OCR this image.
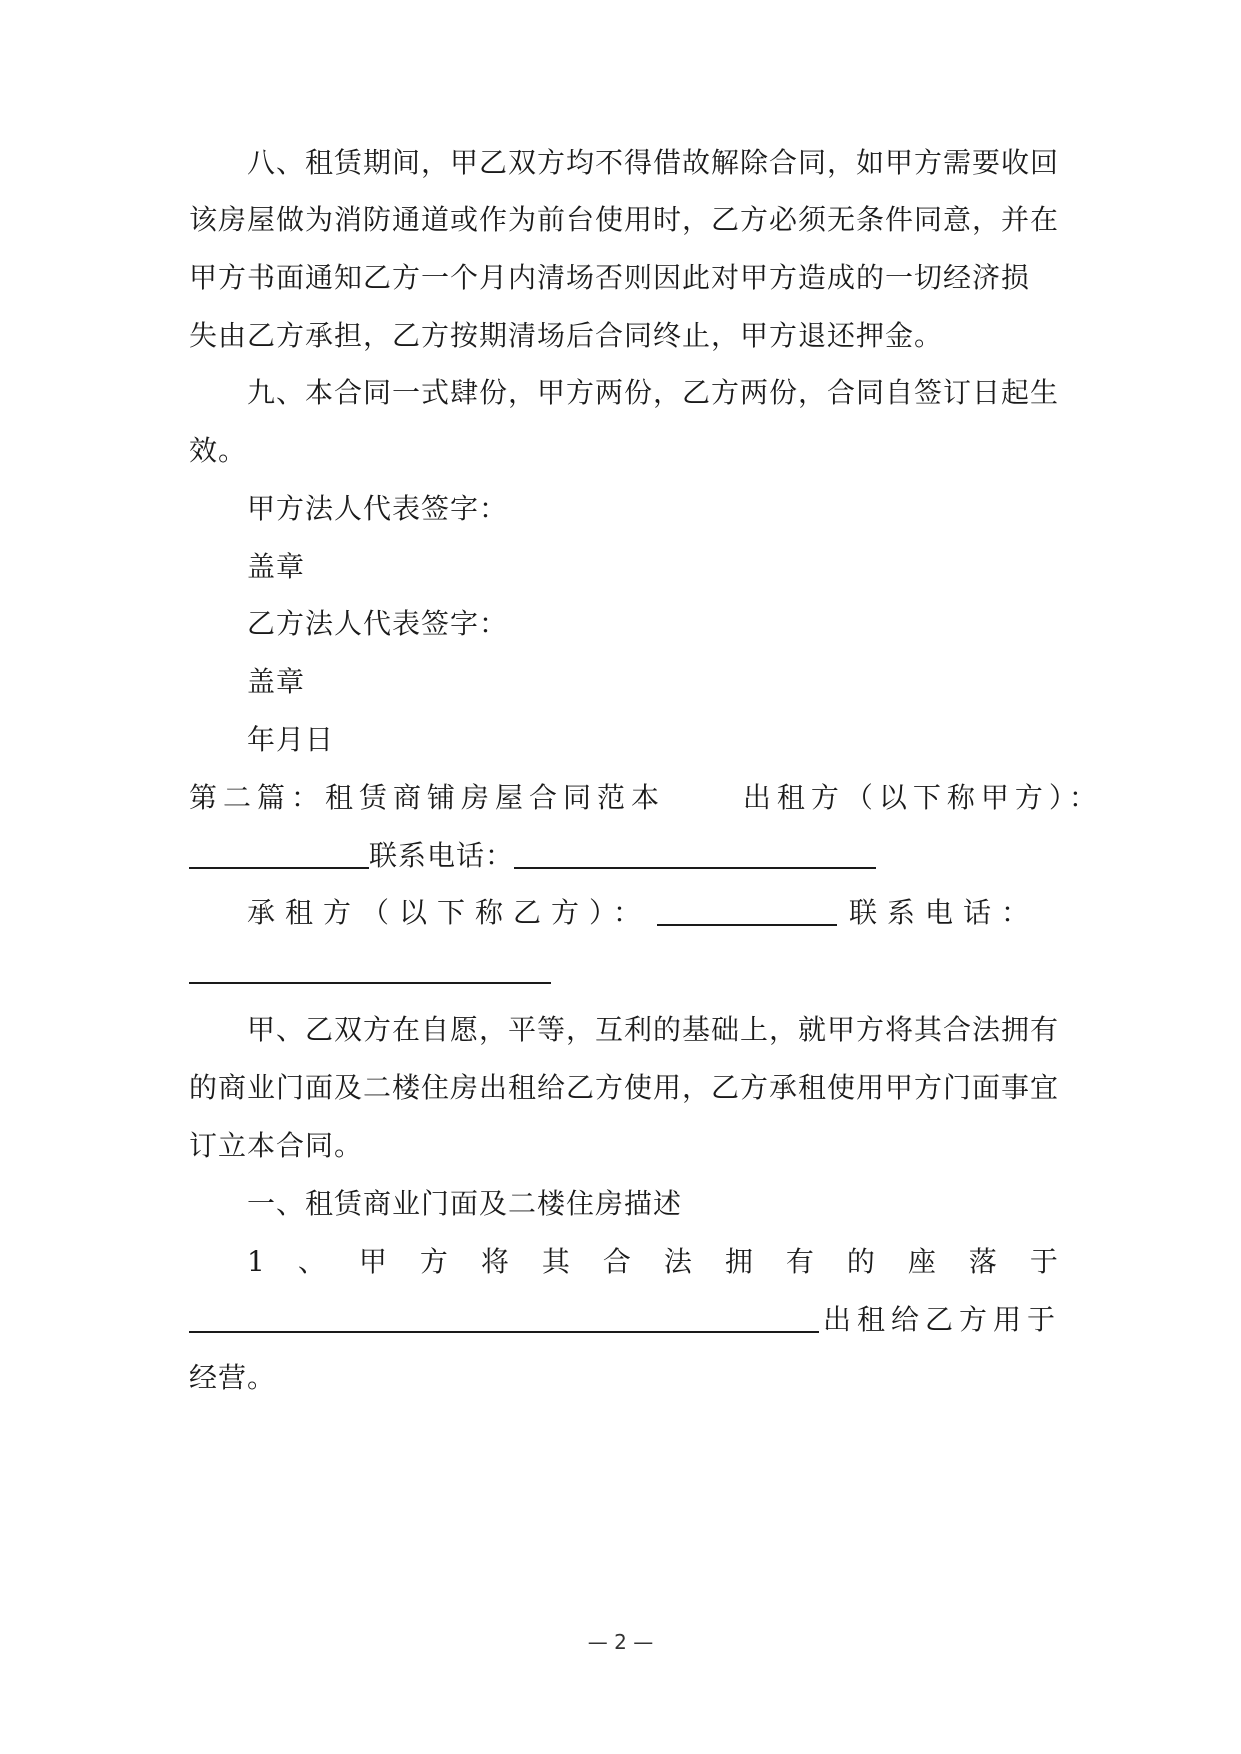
八、租赁期间，甲乙双方均不得借故解除合同，如甲方需要收回
该房屋做为消防通道或作为前台使用时，乙方必须无条件同意，并在
甲方书面通知乙方一个月内清场否则因此对甲方造成的一切经济损
失由乙方承担，乙方按期清场后合同终止，甲方退还押金。
九、本合同一式肆份，甲方两份，乙方两份，合同自签订日起生
效。
甲方法人代表签字：
盖章
乙方法人代表签字：
盖章
年月日
第二篇：租赁商铺房屋合同范本	出租方（以下称甲方）：
联系电话：
承租方（以下称乙方）：	联系电话：
甲、乙双方在自愿，平等，互利的基础上，就甲方将其合法拥有
的商业门面及二楼住房出租给乙方使用，乙方承租使用甲方门面事宜
订立本合同。
一、租赁商业门面及二楼住房描述
1 、 甲 方 将 其 合 法 拥 有 的 座 落 于
出租给乙方用于
经营。
— 2 —
